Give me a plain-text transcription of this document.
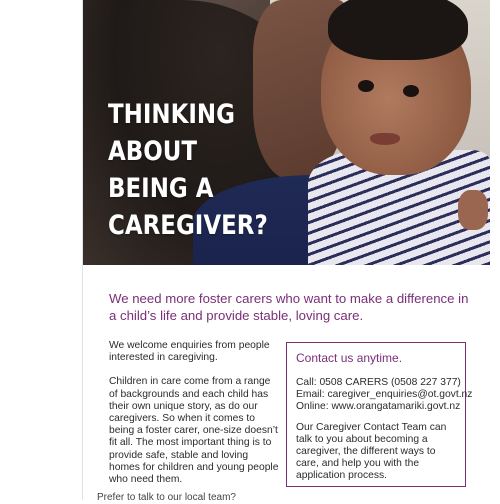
THINKING
ABOUT
BEING A
CAREGIVER?
We need more foster carers who want to make a difference in a child’s life and provide stable, loving care.

We welcome enquiries from people interested in caregiving.

Children in care come from a range of backgrounds and each child has their own unique story, as do our caregivers. So when it comes to being a foster carer, one-size doesn’t fit all. The most important thing is to provide safe, stable and loving homes for children and young people who need them.

Contact us anytime.
Call: 0508 CARERS (0508 227 377)
Email: caregiver_enquiries@ot.govt.nz
Online: www.orangatamariki.govt.nz
Our Caregiver Contact Team can talk to you about becoming a caregiver, the different ways to care, and help you with the application process.
Prefer to talk to our local team?
